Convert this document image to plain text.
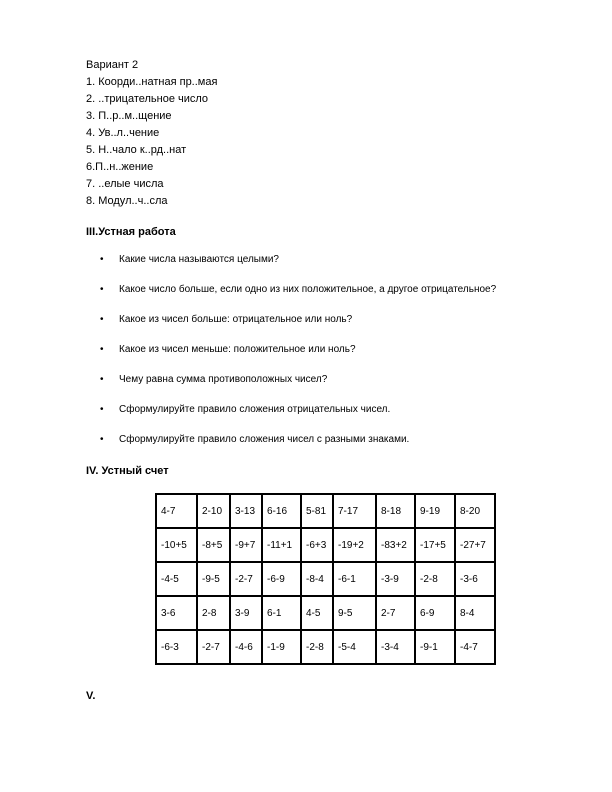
Вариант 2
1. Коорди..натная пр..мая
2. ..трицательное число
3. П..р..м..щение
4. Ув..л..чение
5. Н..чало к..рд..нат
6.П..н..жение
7. ..елые числа
8. Модул..ч..сла
III.Устная работа
•	Какие числа называются целыми?
•	Какое число больше, если одно из них положительное, а другое отрицательное?
•	Какое из чисел больше: отрицательное или ноль?
•	Какое из чисел меньше: положительное или ноль?
•	Чему равна сумма противоположных чисел?
•	Сформулируйте правило сложения отрицательных чисел.
•	Сформулируйте правило сложения чисел с разными знаками.
IV. Устный счет
4-7	2-10	3-13	6-16	5-81	7-17	8-18	9-19	8-20
-10+5	-8+5	-9+7	-11+1	-6+3	-19+2	-83+2	-17+5	-27+7
-4-5	-9-5	-2-7	-6-9	-8-4	-6-1	-3-9	-2-8	-3-6
3-6	2-8	3-9	6-1	4-5	9-5	2-7	6-9	8-4
-6-3	-2-7	-4-6	-1-9	-2-8	-5-4	-3-4	-9-1	-4-7
V.
